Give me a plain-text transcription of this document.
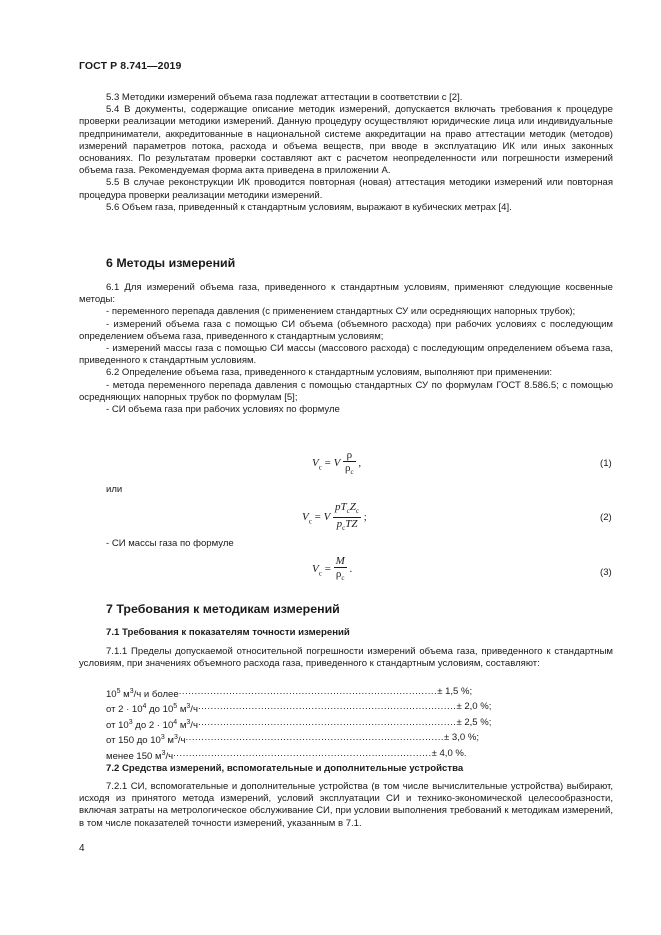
ГОСТ Р 8.741—2019

5.3 Методики измерений объема газа подлежат аттестации в соответствии с [2].

5.4 В документы, содержащие описание методик измерений, допускается включать требования к процедуре проверки реализации методики измерений. Данную процедуру осуществляют юридические лица или индивидуальные предприниматели, аккредитованные в национальной системе аккредитации на право аттестации методик (методов) измерений параметров потока, расхода и объема веществ, при вводе в эксплуатацию ИК или иных законных основаниях. По результатам проверки составляют акт с расчетом неопределенности или погрешности измерений объема газа. Рекомендуемая форма акта приведена в приложении А.

5.5 В случае реконструкции ИК проводится повторная (новая) аттестация методики измерений или повторная процедура проверки реализации методики измерений.

5.6 Объем газа, приведенный к стандартным условиям, выражают в кубических метрах [4].

6 Методы измерений

6.1 Для измерений объема газа, приведенного к стандартным условиям, применяют следующие косвенные методы:

- переменного перепада давления (с применением стандартных СУ или осредняющих напорных трубок);

- измерений объема газа с помощью СИ объема (объемного расхода) при рабочих условиях с последующим определением объема газа, приведенного к стандартным условиям;

- измерений массы газа с помощью СИ массы (массового расхода) с последующим определением объема газа, приведенного к стандартным условиям.

6.2 Определение объема газа, приведенного к стандартным условиям, выполняют при применении:

- метода переменного перепада давления с помощью стандартных СУ по формулам ГОСТ 8.586.5; с помощью осредняющих напорных трубок по формулам [5];

- СИ объема газа при рабочих условиях по формуле

$V_c = V \frac{\rho}{\rho_c}$ ,	(1)
или
$V_c = V \frac{pT_cZ_c}{p_cTZ}$ ;	(2)

- СИ массы газа по формуле

$V_c = \frac{M}{\rho_c}$ .	(3)
7 Требования к методикам измерений
7.1 Требования к показателям точности измерений

7.1.1 Пределы допускаемой относительной погрешности измерений объема газа, приведенного к стандартным условиям, при значениях объемного расхода газа, приведенного к стандартным условиям, составляют:

$10^5$ $м^3/ч$ и более .................................................................................. ± 1,5 %;
от $2 \cdot 10^4$ до $10^5$ $м^3/ч$ .................................................................................. ± 2,0 %;
от $10^3$ до $2 \cdot 10^4$ $м^3/ч$ .................................................................................. ± 2,5 %;
от 150 до $10^3$ $м^3/ч$ .................................................................................. ± 3,0 %;
менее 150 $м^3/ч$ .................................................................................. ± 4,0 %.
7.2 Средства измерений, вспомогательные и дополнительные устройства

7.2.1 СИ, вспомогательные и дополнительные устройства (в том числе вычислительные устройства) выбирают, исходя из принятого метода измерений, условий эксплуатации СИ и технико-экономической целесообразности, включая затраты на метрологическое обслуживание СИ, при условии выполнения требований к методикам измерений, в том числе показателей точности измерений, указанным в 7.1.

4
